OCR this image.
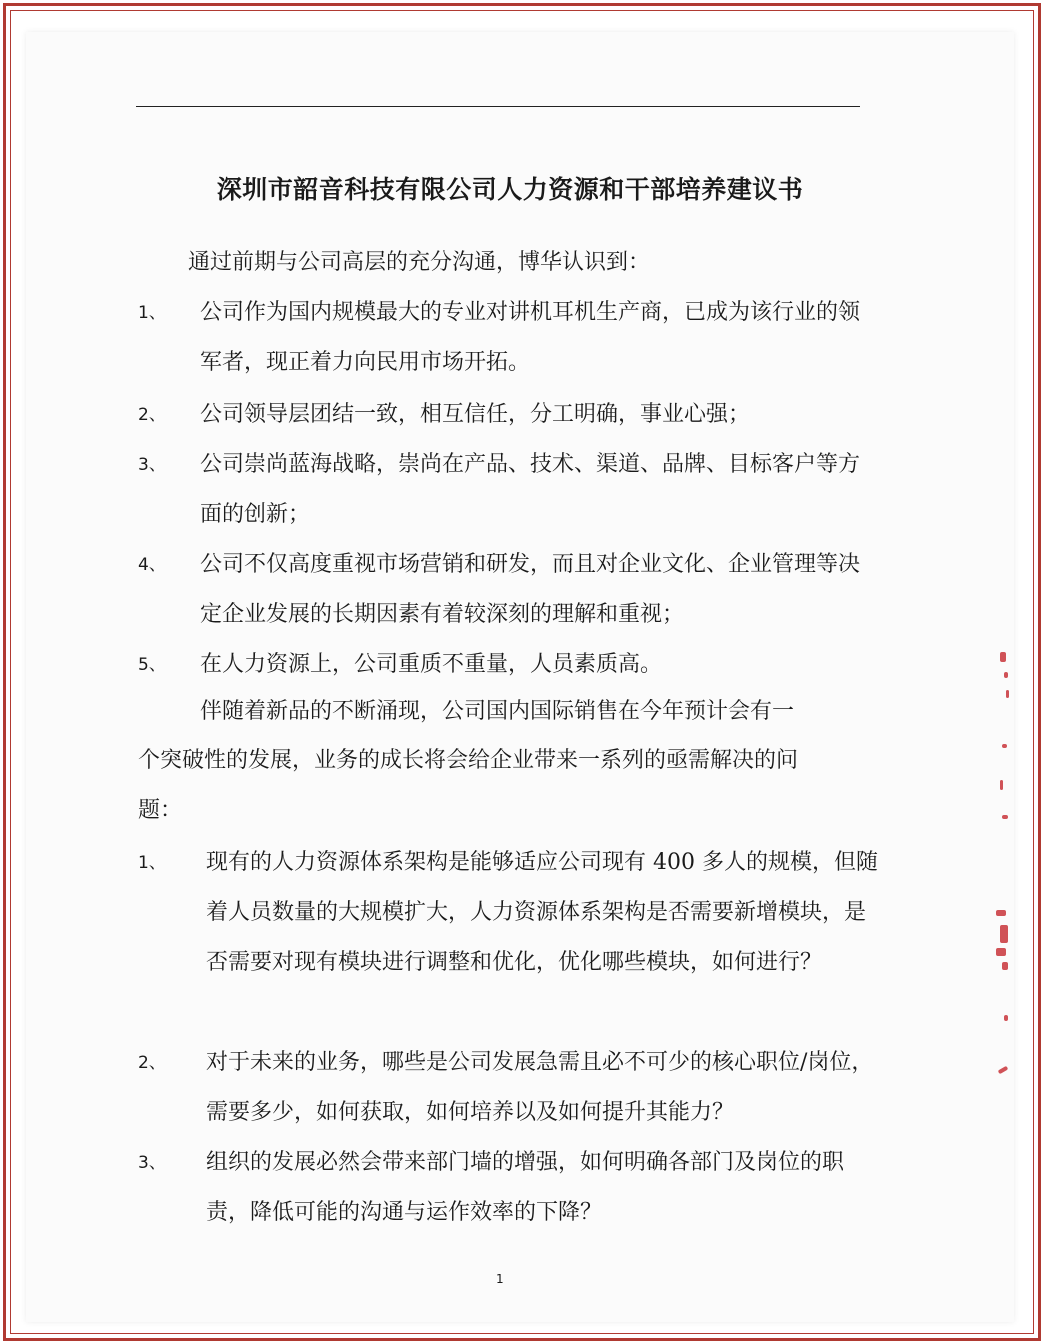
深圳市韶音科技有限公司人力资源和干部培养建议书
通过前期与公司高层的充分沟通，博华认识到：
1、 公司作为国内规模最大的专业对讲机耳机生产商，已成为该行业的领军者，现正着力向民用市场开拓。
2、 公司领导层团结一致，相互信任，分工明确，事业心强；
3、 公司崇尚蓝海战略，崇尚在产品、技术、渠道、品牌、目标客户等方面的创新；
4、 公司不仅高度重视市场营销和研发，而且对企业文化、企业管理等决定企业发展的长期因素有着较深刻的理解和重视；
5、 在人力资源上，公司重质不重量，人员素质高。
伴随着新品的不断涌现，公司国内国际销售在今年预计会有一
个突破性的发展，业务的成长将会给企业带来一系列的亟需解决的问
题：
1、 现有的人力资源体系架构是能够适应公司现有 400 多人的规模，但随着人员数量的大规模扩大，人力资源体系架构是否需要新增模块，是否需要对现有模块进行调整和优化，优化哪些模块，如何进行？
2、 对于未来的业务，哪些是公司发展急需且必不可少的核心职位/岗位，需要多少，如何获取，如何培养以及如何提升其能力？
3、 组织的发展必然会带来部门墙的增强，如何明确各部门及岗位的职责，降低可能的沟通与运作效率的下降？
1
